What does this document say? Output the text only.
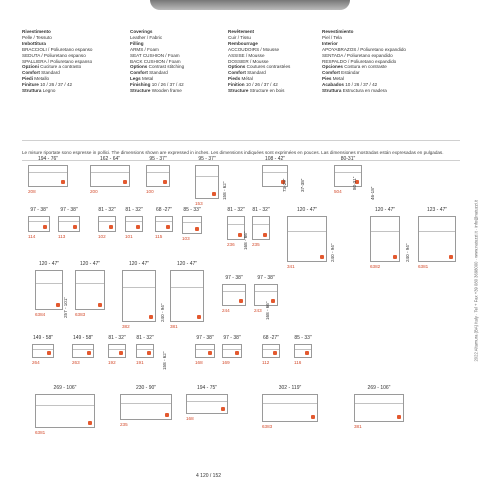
Rivestimento
Pelle / Tessuto
Imbottitura
BRACCIOLI / Poliuretano espanso
SEDUTA / Poliuretano espanso
SPALLIERA / Poliuretano espanso
Opzioni Cuciture a contrasto
Comfort Standard
Piedi Metallo
Finiture 10 / 26 / 37 / 42
Struttura Legno
Coverings
Leather / Fabric
Filling
ARMS / Foam
SEAT CUSHION / Foam
BACK CUSHION / Foam
Options Contrast stitching
Comfort Standard
Legs Metal
Finishing 10 / 26 / 37 / 42
Structure Wooden frame
Revêtement
Cuir / Tissu
Rembourrage
ACCOUDOIRS / Mousse
ASSISE / Mousse
DOSSIER / Mousse
Options Coutures contrastées
Comfort Standard
Pieds Métal
Finition 10 / 26 / 37 / 42
Structure Structure en bois
Revestimiento
Piel / Tela
Interior
APOYABRAZOS / Poliuretano expandido
SENTADA / Poliuretano expandido
RESPALDO / Poliuretano expandido
Opciones Costura en contraste
Comfort Estándar
Pies Metal
Acabados 10 / 26 / 37 / 42
Struttura Estructura en madera
Le misure riportate sono espresse in pollici. The dimensions shown are expressed in inches. Les dimensions indiquées sont exprimées en pouces. Las dimensiones mostradas están expresadas en pulgadas.
194 - 76"
208
162 - 64"
200
95 - 37"
100
95 - 37"
153
108 - 42"	80-31"
504
97 - 38"
114
97 - 38"
113
81 - 32"
102
81 - 32"
101
68 -27"
115
85 - 33"
103
81 - 32"
236
81 - 32"
235
120 - 47"
341
120 - 47"
6382
123 - 47"
6381
120 - 47"
6384
120 - 47"
6383
120 - 47"
382
120 - 47"
381
97 - 38"
244
97 - 38"
243
149 - 58"
264
149 - 58"
263
81 - 32"
192
81 - 32"
191
97 - 38"
168
97 - 38"
169
68 -27"
112
85 - 33"
116
269 - 106"
6381
230 - 90"
235
194 - 75"
168
302 - 119"
6383
269 - 106"
381
158 - 62"	73-29"	37-38"	80-31"
46-18"
168 - 66"
240 - 94"	240 - 94"
257 - 101"	240 - 94"	168 - 66"
158 - 62"	2022 Altamura (BA) Italy · Tel + Fax +39 080 3698000 · www.natuzzi.it · info@natuzzi.it
4 120 / 152
